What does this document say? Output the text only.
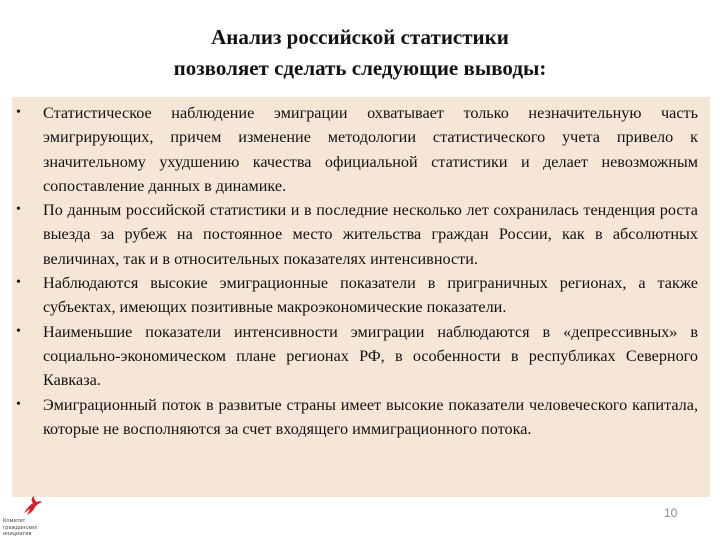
Анализ российской статистики
позволяет сделать следующие выводы:
• Статистическое наблюдение эмиграции охватывает только незначительную часть эмигрирующих, причем изменение методологии статистического учета привело к значительному ухудшению качества официальной статистики и делает невозможным сопоставление данных в динамике.
• По данным российской статистики и в последние несколько лет сохранилась тенденция роста выезда за рубеж на постоянное место жительства граждан России, как в абсолютных величинах, так и в относительных показателях интенсивности.
• Наблюдаются высокие эмиграционные показатели в приграничных регионах, а также субъектах, имеющих позитивные макроэкономические показатели.
• Наименьшие показатели интенсивности эмиграции наблюдаются в «депрессивных» в социально-экономическом плане регионах РФ, в особенности в республиках Северного Кавказа.
• Эмиграционный поток в развитые страны имеет высокие показатели человеческого капитала, которые не восполняются за счет входящего иммиграционного потока.
10
Комитет
гражданских
инициатив
